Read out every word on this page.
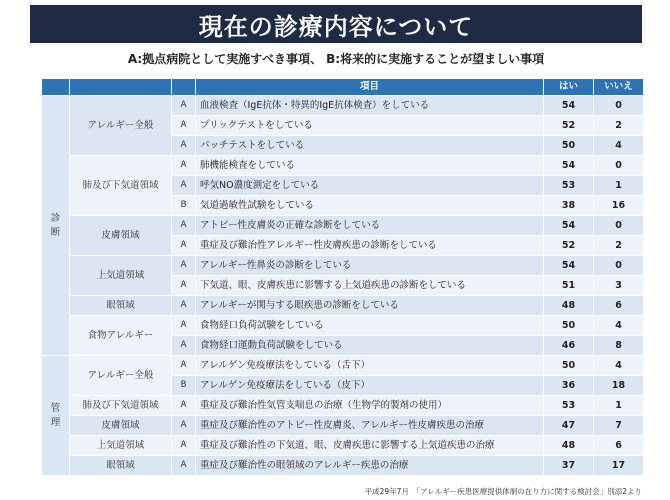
現在の診療内容について
A:拠点病院として実施すべき事項、 B:将来的に実施することが望ましい事項
			項目	はい	いいえ
診断	アレルギー全般	A	血液検査（IgE抗体・特異的IgE抗体検査）をしている	54	0
		A	プリックテストをしている	52	2
		A	パッチテストをしている	50	4
	肺及び下気道領域	A	肺機能検査をしている	54	0
		A	呼気NO濃度測定をしている	53	1
		B	気道過敏性試験をしている	38	16
	皮膚領域	A	アトピー性皮膚炎の正確な診断をしている	54	0
		A	重症及び難治性アレルギー性皮膚疾患の診断をしている	52	2
	上気道領域	A	アレルギー性鼻炎の診断をしている	54	0
		A	下気道、眼、皮膚疾患に影響する上気道疾患の診断をしている	51	3
	眼領域	A	アレルギーが関与する眼疾患の診断をしている	48	6
	食物アレルギー	A	食物経口負荷試験をしている	50	4
		A	食物経口運動負荷試験をしている	46	8
管理	アレルギー全般	A	アレルゲン免疫療法をしている（舌下）	50	4
		B	アレルゲン免疫療法をしている（皮下）	36	18
	肺及び下気道領域	A	重症及び難治性気管支喘息の治療（生物学的製剤の使用）	53	1
	皮膚領域	A	重症及び難治性のアトピー性皮膚炎、アレルギー性皮膚疾患の治療	47	7
	上気道領域	A	重症及び難治性の下気道、眼、皮膚疾患に影響する上気道疾患の治療	48	6
	眼領域	A	重症及び難治性の眼領域のアレルギー疾患の治療	37	17
平成29年7月　「アレルギー疾患医療提供体制の在り方に関する検討会」別添2より
